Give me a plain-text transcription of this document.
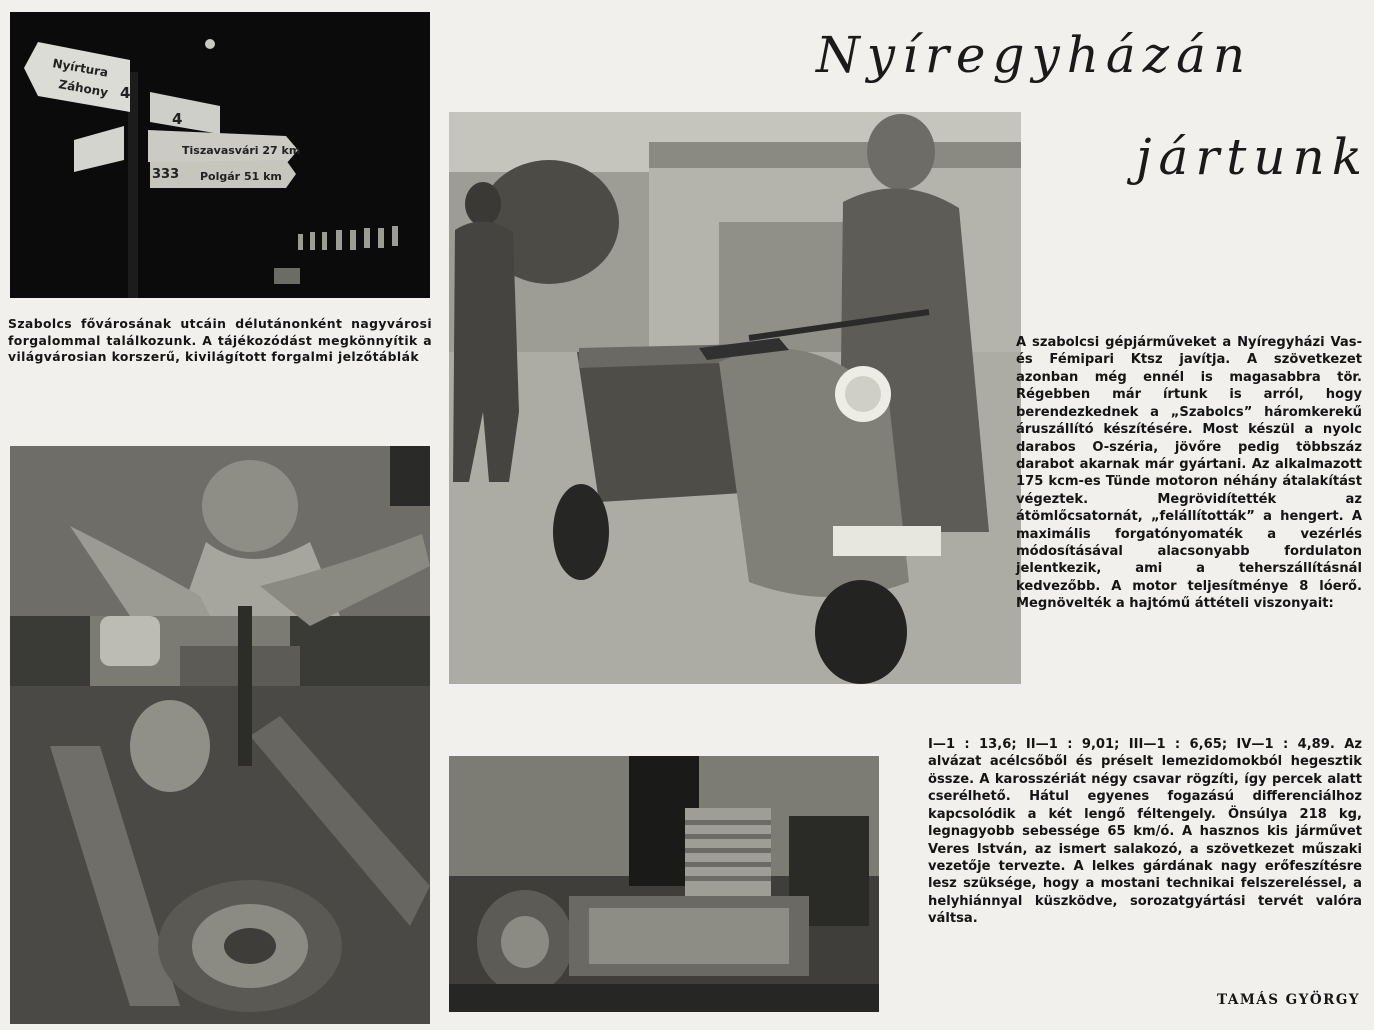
Nyíregyházán
jártunk
Nyírtura
Záhony 4
4
Tiszavasvári 27 km
333 Polgár 51 km

Szabolcs fővárosának utcáin délutánonként nagyvárosi forgalommal találkozunk. A tájékozódást megkönnyítik a világvárosian korszerű, kivilágított forgalmi jelzőtáblák

A szabolcsi gépjárműveket a Nyíregyházi Vas- és Fémipari Ktsz javítja. A szövetkezet azonban még ennél is magasabbra tör. Régebben már írtunk is arról, hogy berendezkednek a „Szabolcs” háromkerekű áruszállító készítésére. Most készül a nyolc darabos O-széria, jövőre pedig többszáz darabot akarnak már gyártani. Az alkalmazott 175 kcm-es Tünde motoron néhány átalakítást végeztek. Megrövidítették az átömlőcsatornát, „felállították” a hengert. A maximális forgatónyomaték a vezérlés módosításával alacsonyabb fordulaton jelentkezik, ami a teherszállításnál kedvezőbb. A motor teljesítménye 8 lóerő. Megnövelték a hajtómű áttételi viszonyait:

I—1 : 13,6; II—1 : 9,01; III—1 : 6,65; IV—1 : 4,89. Az alvázat acélcsőből és préselt lemezidomokból hegesztik össze. A karosszériát négy csavar rögzíti, így percek alatt cserélhető. Hátul egyenes fogazású differenciálhoz kapcsolódik a két lengő féltengely. Önsúlya 218 kg, legnagyobb sebessége 65 km/ó. A hasznos kis járművet Veres István, az ismert salakozó, a szövetkezet műszaki vezetője tervezte. A lelkes gárdának nagy erőfeszítésre lesz szüksége, hogy a mostani technikai felszereléssel, a helyhiánnyal küszködve, sorozatgyártási tervét valóra váltsa.

TAMÁS GYÖRGY
